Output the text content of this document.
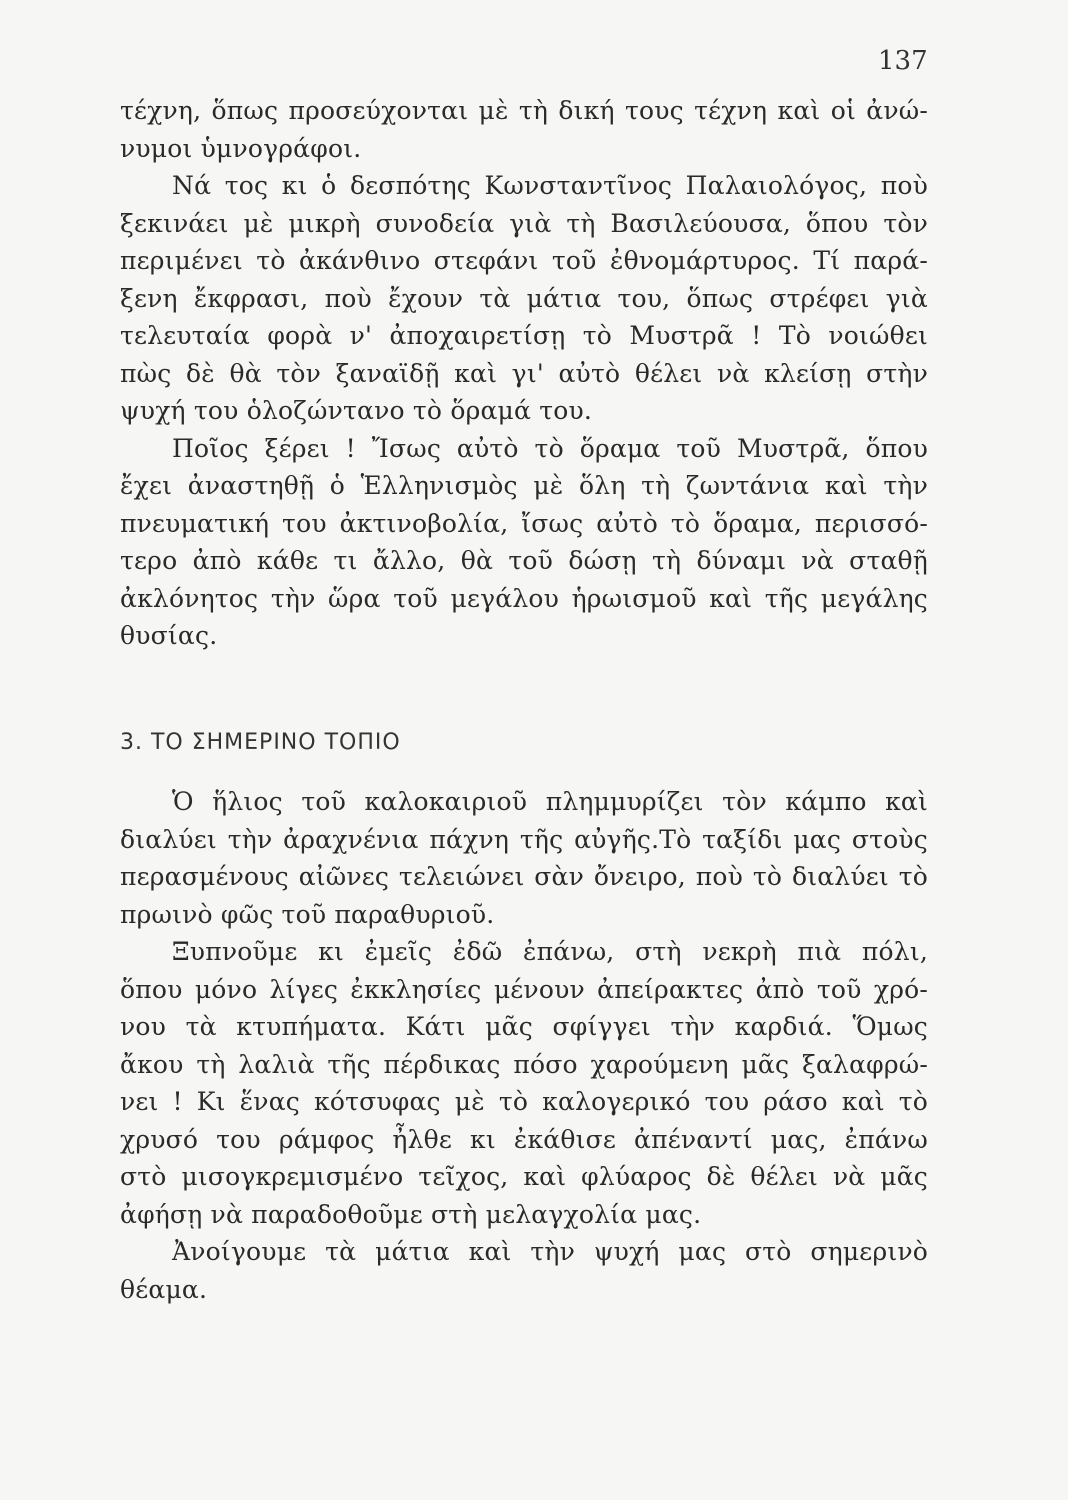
137
τέχνη, ὅπως προσεύχονται μὲ τὴ δική τους τέχνη καὶ οἱ ἀνώ-
νυμοι ὑμνογράφοι.
Νά τος κι ὁ δεσπότης Κωνσταντῖνος Παλαιολόγος, ποὺ
ξεκινάει μὲ μικρὴ συνοδεία γιὰ τὴ Βασιλεύουσα, ὅπου τὸν
περιμένει τὸ ἀκάνθινο στεφάνι τοῦ ἐθνομάρτυρος. Τί παρά-
ξενη ἔκφρασι, ποὺ ἔχουν τὰ μάτια του, ὅπως στρέφει γιὰ
τελευταία φορὰ ν' ἀποχαιρετίσῃ τὸ Μυστρᾶ ! Τὸ νοιώθει
πὼς δὲ θὰ τὸν ξαναϊδῇ καὶ γι' αὐτὸ θέλει νὰ κλείσῃ στὴν
ψυχή του ὁλοζώντανο τὸ ὅραμά του.
Ποῖος ξέρει ! Ἴσως αὐτὸ τὸ ὅραμα τοῦ Μυστρᾶ, ὅπου
ἔχει ἀναστηθῇ ὁ Ἑλληνισμὸς μὲ ὅλη τὴ ζωντάνια καὶ τὴν
πνευματική του ἀκτινοβολία, ἴσως αὐτὸ τὸ ὅραμα, περισσό-
τερο ἀπὸ κάθε τι ἄλλο, θὰ τοῦ δώσῃ τὴ δύναμι νὰ σταθῇ
ἀκλόνητος τὴν ὥρα τοῦ μεγάλου ἡρωισμοῦ καὶ τῆς μεγάλης
θυσίας.
3. ΤΟ ΣΗΜΕΡΙΝΟ ΤΟΠΙΟ
Ὁ ἥλιος τοῦ καλοκαιριοῦ πλημμυρίζει τὸν κάμπο καὶ
διαλύει τὴν ἀραχνένια πάχνη τῆς αὐγῆς.Τὸ ταξίδι μας στοὺς
περασμένους αἰῶνες τελειώνει σὰν ὄνειρο, ποὺ τὸ διαλύει τὸ
πρωινὸ φῶς τοῦ παραθυριοῦ.
Ξυπνοῦμε κι ἐμεῖς ἐδῶ ἐπάνω, στὴ νεκρὴ πιὰ πόλι,
ὅπου μόνο λίγες ἐκκλησίες μένουν ἀπείρακτες ἀπὸ τοῦ χρό-
νου τὰ κτυπήματα. Κάτι μᾶς σφίγγει τὴν καρδιά. Ὅμως
ἄκου τὴ λαλιὰ τῆς πέρδικας πόσο χαρούμενη μᾶς ξαλαφρώ-
νει ! Κι ἕνας κότσυφας μὲ τὸ καλογερικό του ράσο καὶ τὸ
χρυσό του ράμφος ἦλθε κι ἐκάθισε ἀπέναντί μας, ἐπάνω
στὸ μισογκρεμισμένο τεῖχος, καὶ φλύαρος δὲ θέλει νὰ μᾶς
ἀφήσῃ νὰ παραδοθοῦμε στὴ μελαγχολία μας.
Ἀνοίγουμε τὰ μάτια καὶ τὴν ψυχή μας στὸ σημερινὸ
θέαμα.
